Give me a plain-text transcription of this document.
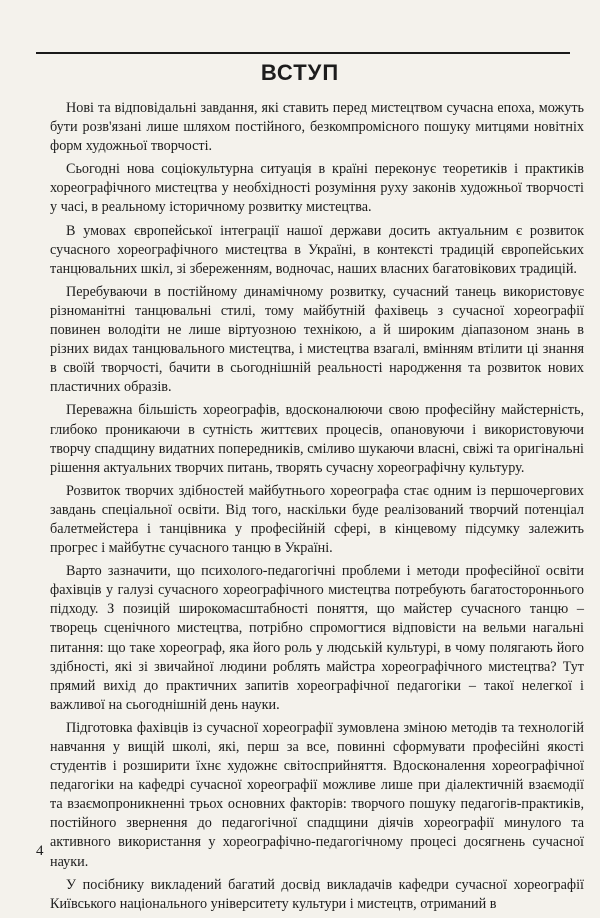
ВСТУП

Нові та відповідальні завдання, які ставить перед мистецтвом сучасна епоха, можуть бути розв'язані лише шляхом постійного, безкомпромісного пошуку митцями новітніх форм художньої творчості.

Сьогодні нова соціокультурна ситуація в країні переконує теоретиків і практиків хореографічного мистецтва у необхідності розуміння руху законів художньої творчості у часі, в реальному історичному розвитку мистецтва.

В умовах європейської інтеграції нашої держави досить актуальним є розвиток сучасного хореографічного мистецтва в Україні, в контексті традицій європейських танцювальних шкіл, зі збереженням, водночас, наших власних багатовікових традицій.

Перебуваючи в постійному динамічному розвитку, сучасний танець використовує різноманітні танцювальні стилі, тому майбутній фахівець з сучасної хореографії повинен володіти не лише віртуозною технікою, а й широким діапазоном знань в різних видах танцювального мистецтва, і мистецтва взагалі, вмінням втілити ці знання в своїй творчості, бачити в сьогоднішній реальності народження та розвиток нових пластичних образів.

Переважна більшість хореографів, вдосконалюючи свою професійну майстерність, глибоко проникаючи в сутність життєвих процесів, опановуючи і використовуючи творчу спадщину видатних попередників, сміливо шукаючи власні, свіжі та оригінальні рішення актуальних творчих питань, творять сучасну хореографічну культуру.

Розвиток творчих здібностей майбутнього хореографа стає одним із першочергових завдань спеціальної освіти. Від того, наскільки буде реалізований творчий потенціал балетмейстера і танцівника у професійній сфері, в кінцевому підсумку залежить прогрес і майбутнє сучасного танцю в Україні.

Варто зазначити, що психолого-педагогічні проблеми і методи професійної освіти фахівців у галузі сучасного хореографічного мистецтва потребують багатостороннього підходу. З позицій широкомасштабності поняття, що майстер сучасного танцю – творець сценічного мистецтва, потрібно спромогтися відповісти на вельми нагальні питання: що таке хореограф, яка його роль у людській культурі, в чому полягають його здібності, які зі звичайної людини роблять майстра хореографічного мистецтва? Тут прямий вихід до практичних запитів хореографічної педагогіки – такої нелегкої і важливої на сьогоднішній день науки.

Підготовка фахівців із сучасної хореографії зумовлена зміною методів та технологій навчання у вищій школі, які, перш за все, повинні сформувати професійні якості студентів і розширити їхнє художнє світосприйняття. Вдосконалення хореографічної педагогіки на кафедрі сучасної хореографії можливе лише при діалектичній взаємодії та взаємопроникненні трьох основних факторів: творчого пошуку педагогів-практиків, постійного звернення до педагогічної спадщини діячів хореографії минулого та активного використання у хореографічно-педагогічному процесі досягнень сучасної науки.

У посібнику викладений багатий досвід викладачів кафедри сучасної хореографії Київського національного університету культури і мистецтв, отриманий в

4
